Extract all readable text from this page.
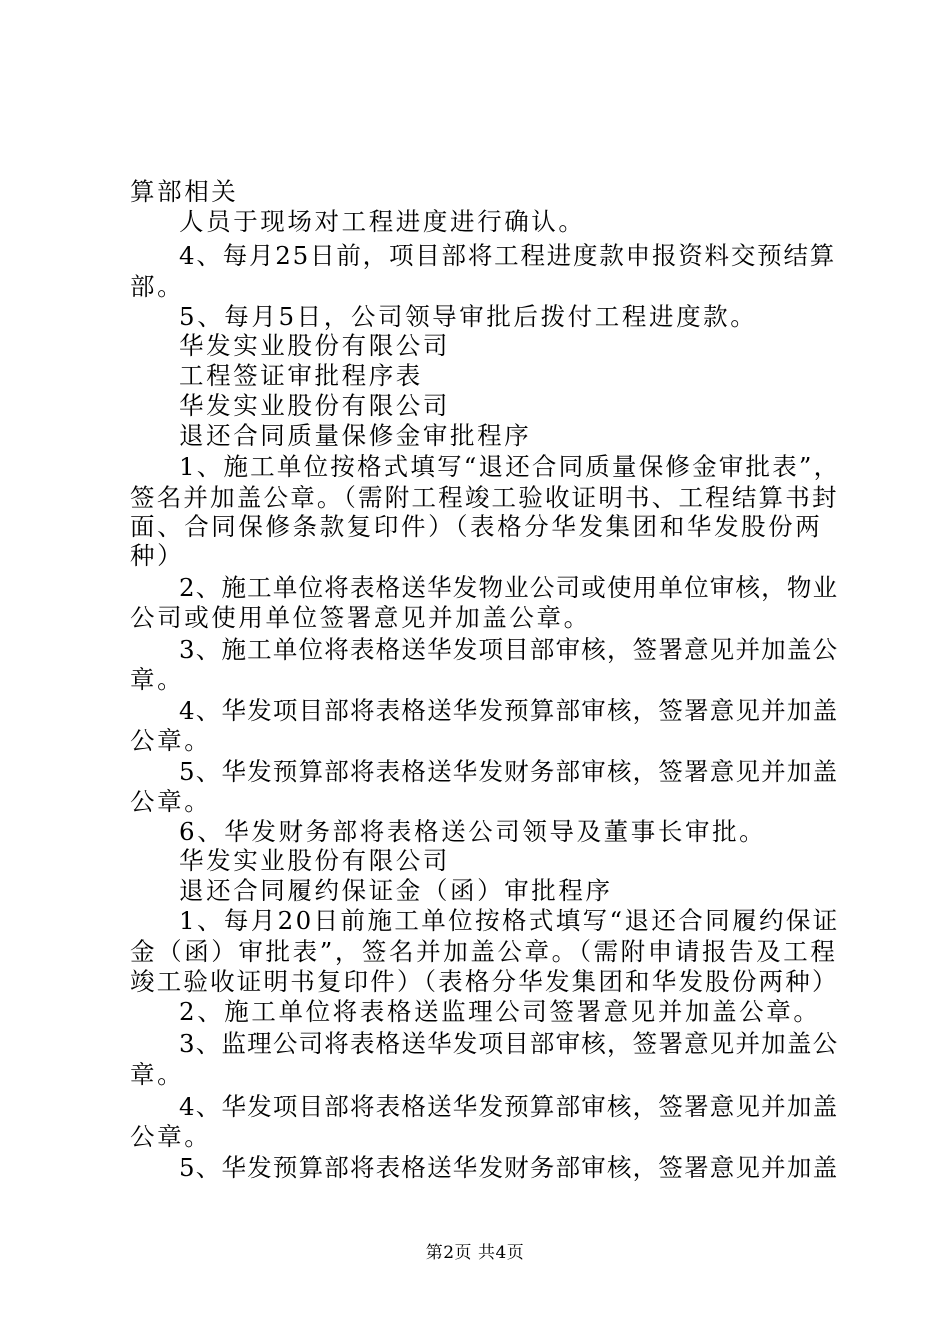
算部相关
人员于现场对工程进度进行确认。
4、每月25日前，项目部将工程进度款申报资料交预结算
部。
5、每月5日，公司领导审批后拨付工程进度款。
华发实业股份有限公司
工程签证审批程序表
华发实业股份有限公司
退还合同质量保修金审批程序
1、施工单位按格式填写“退还合同质量保修金审批表”，
签名并加盖公章。（需附工程竣工验收证明书、工程结算书封
面、合同保修条款复印件）（表格分华发集团和华发股份两
种）
2、施工单位将表格送华发物业公司或使用单位审核，物业
公司或使用单位签署意见并加盖公章。
3、施工单位将表格送华发项目部审核，签署意见并加盖公
章。
4、华发项目部将表格送华发预算部审核，签署意见并加盖
公章。
5、华发预算部将表格送华发财务部审核，签署意见并加盖
公章。
6、华发财务部将表格送公司领导及董事长审批。
华发实业股份有限公司
退还合同履约保证金（函）审批程序
1、每月20日前施工单位按格式填写“退还合同履约保证
金（函）审批表”，签名并加盖公章。（需附申请报告及工程
竣工验收证明书复印件）（表格分华发集团和华发股份两种）
2、施工单位将表格送监理公司签署意见并加盖公章。
3、监理公司将表格送华发项目部审核，签署意见并加盖公
章。
4、华发项目部将表格送华发预算部审核，签署意见并加盖
公章。
5、华发预算部将表格送华发财务部审核，签署意见并加盖
第2页 共4页
